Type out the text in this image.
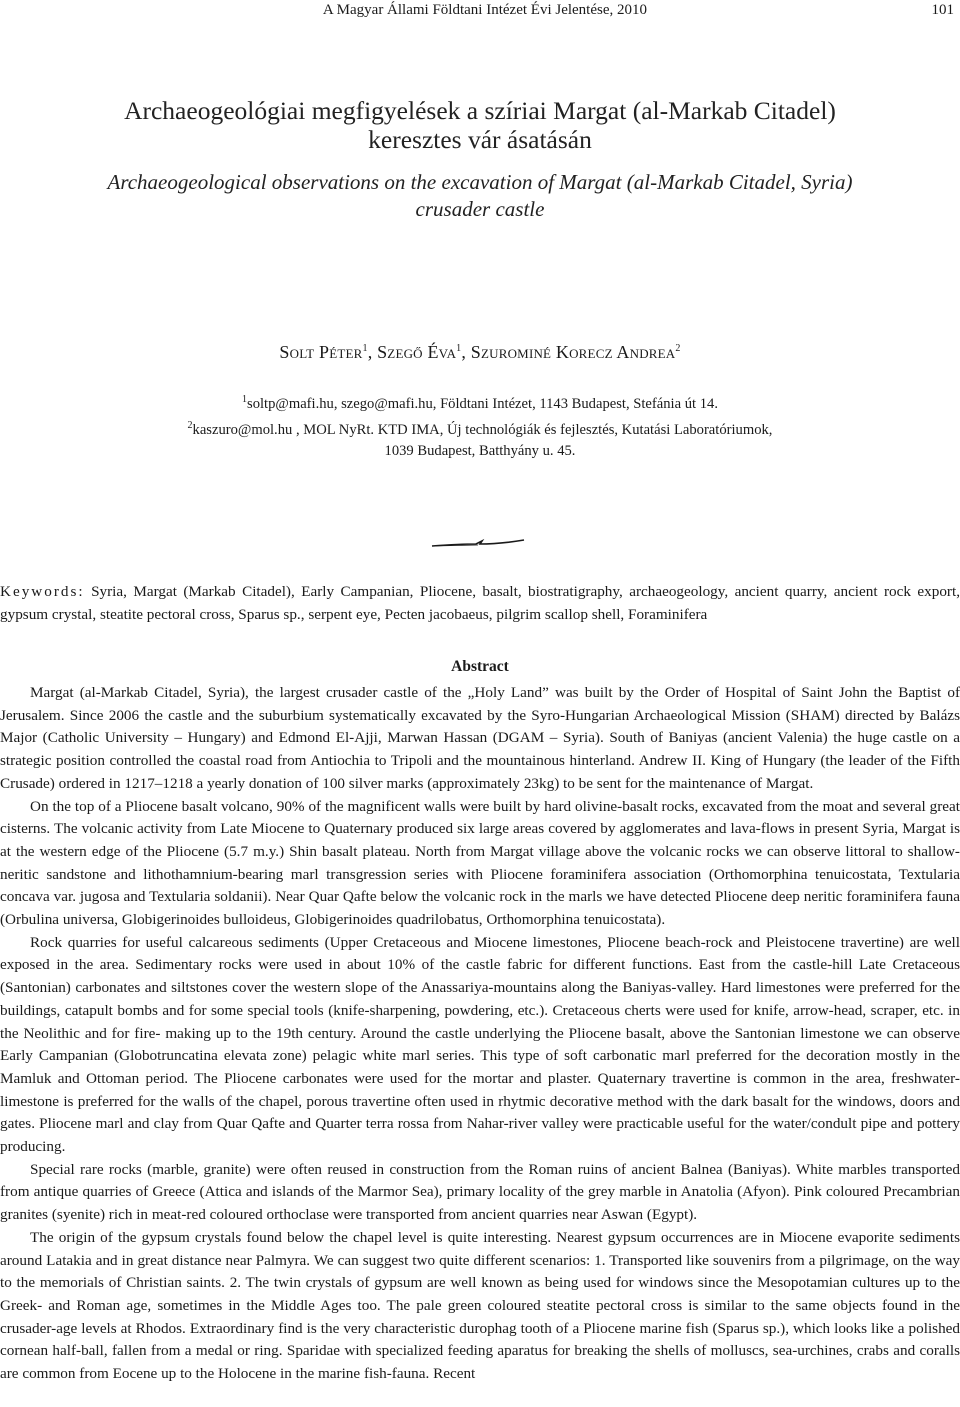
A Magyar Állami Földtani Intézet Évi Jelentése, 2010	101
Archaeogeológiai megfigyelések a szíriai Margat (al-Markab Citadel)
keresztes vár ásatásán
Archaeogeological observations on the excavation of Margat (al-Markab Citadel, Syria)
crusader castle
Solt Péter$^1$, Szegő Éva$^1$, Szurominé Korecz Andrea$^2$
$^1$soltp@mafi.hu, szego@mafi.hu, Földtani Intézet, 1143 Budapest, Stefánia út 14.
$^2$kaszuro@mol.hu , MOL NyRt. KTD IMA, Új technológiák és fejlesztés, Kutatási Laboratóriumok,
1039 Budapest, Batthyány u. 45.
Keywords: Syria, Margat (Markab Citadel), Early Campanian, Pliocene, basalt, biostratigraphy, archaeogeology, ancient quarry, ancient rock export, gypsum crystal, steatite pectoral cross, Sparus sp., serpent eye, Pecten jacobaeus, pilgrim scallop shell, Foraminifera
Abstract

Margat (al-Markab Citadel, Syria), the largest crusader castle of the „Holy Land” was built by the Order of Hospital of Saint John the Baptist of Jerusalem. Since 2006 the castle and the suburbium systematically excavated by the Syro-Hungarian Archaeological Mission (SHAM) directed by Balázs Major (Catholic University – Hungary) and Edmond El-Ajji, Marwan Hassan (DGAM – Syria). South of Baniyas (ancient Valenia) the huge castle on a strategic position controlled the coastal road from Antiochia to Tripoli and the mountainous hinterland. Andrew II. King of Hungary (the leader of the Fifth Crusade) ordered in 1217–1218 a yearly donation of 100 silver marks (approximately 23kg) to be sent for the maintenance of Margat.

On the top of a Pliocene basalt volcano, 90% of the magnificent walls were built by hard olivine-basalt rocks, excavated from the moat and several great cisterns. The volcanic activity from Late Miocene to Quaternary produced six large areas covered by agglomerates and lava-flows in present Syria, Margat is at the western edge of the Pliocene (5.7 m.y.) Shin basalt plateau. North from Margat village above the volcanic rocks we can observe littoral to shallow-neritic sandstone and lithothamnium-bearing marl transgression series with Pliocene foraminifera association (Orthomorphina tenuicostata, Textularia concava var. jugosa and Textularia soldanii). Near Quar Qafte below the volcanic rock in the marls we have detected Pliocene deep neritic foraminifera fauna (Orbulina universa, Globigerinoides bulloideus, Globigerinoides quadrilobatus, Orthomorphina tenuicostata).

Rock quarries for useful calcareous sediments (Upper Cretaceous and Miocene limestones, Pliocene beach-rock and Pleistocene travertine) are well exposed in the area. Sedimentary rocks were used in about 10% of the castle fabric for different functions. East from the castle-hill Late Cretaceous (Santonian) carbonates and siltstones cover the western slope of the Anassariya-mountains along the Baniyas-valley. Hard limestones were preferred for the buildings, catapult bombs and for some special tools (knife-sharpening, powdering, etc.). Cretaceous cherts were used for knife, arrow-head, scraper, etc. in the Neolithic and for fire- making up to the 19th century. Around the castle underlying the Pliocene basalt, above the Santonian limestone we can observe Early Campanian (Globotruncatina elevata zone) pelagic white marl series. This type of soft carbonatic marl preferred for the decoration mostly in the Mamluk and Ottoman period. The Pliocene carbonates were used for the mortar and plaster. Quaternary travertine is common in the area, freshwater-limestone is preferred for the walls of the chapel, porous travertine often used in rhytmic decorative method with the dark basalt for the windows, doors and gates. Pliocene marl and clay from Quar Qafte and Quarter terra rossa from Nahar-river valley were practicable useful for the water/condult pipe and pottery producing.

Special rare rocks (marble, granite) were often reused in construction from the Roman ruins of ancient Balnea (Baniyas). White marbles transported from antique quarries of Greece (Attica and islands of the Marmor Sea), primary locality of the grey marble in Anatolia (Afyon). Pink coloured Precambrian granites (syenite) rich in meat-red coloured orthoclase were transported from ancient quarries near Aswan (Egypt).

The origin of the gypsum crystals found below the chapel level is quite interesting. Nearest gypsum occurrences are in Miocene evaporite sediments around Latakia and in great distance near Palmyra. We can suggest two quite different scenarios: 1. Transported like souvenirs from a pilgrimage, on the way to the memorials of Christian saints. 2. The twin crystals of gypsum are well known as being used for windows since the Mesopotamian cultures up to the Greek- and Roman age, sometimes in the Middle Ages too. The pale green coloured steatite pectoral cross is similar to the same objects found in the crusader-age levels at Rhodos. Extraordinary find is the very characteristic durophag tooth of a Pliocene marine fish (Sparus sp.), which looks like a polished cornean half-ball, fallen from a medal or ring. Sparidae with specialized feeding aparatus for breaking the shells of molluscs, sea-urchines, crabs and coralls are common from Eocene up to the Holocene in the marine fish-fauna. Recent
